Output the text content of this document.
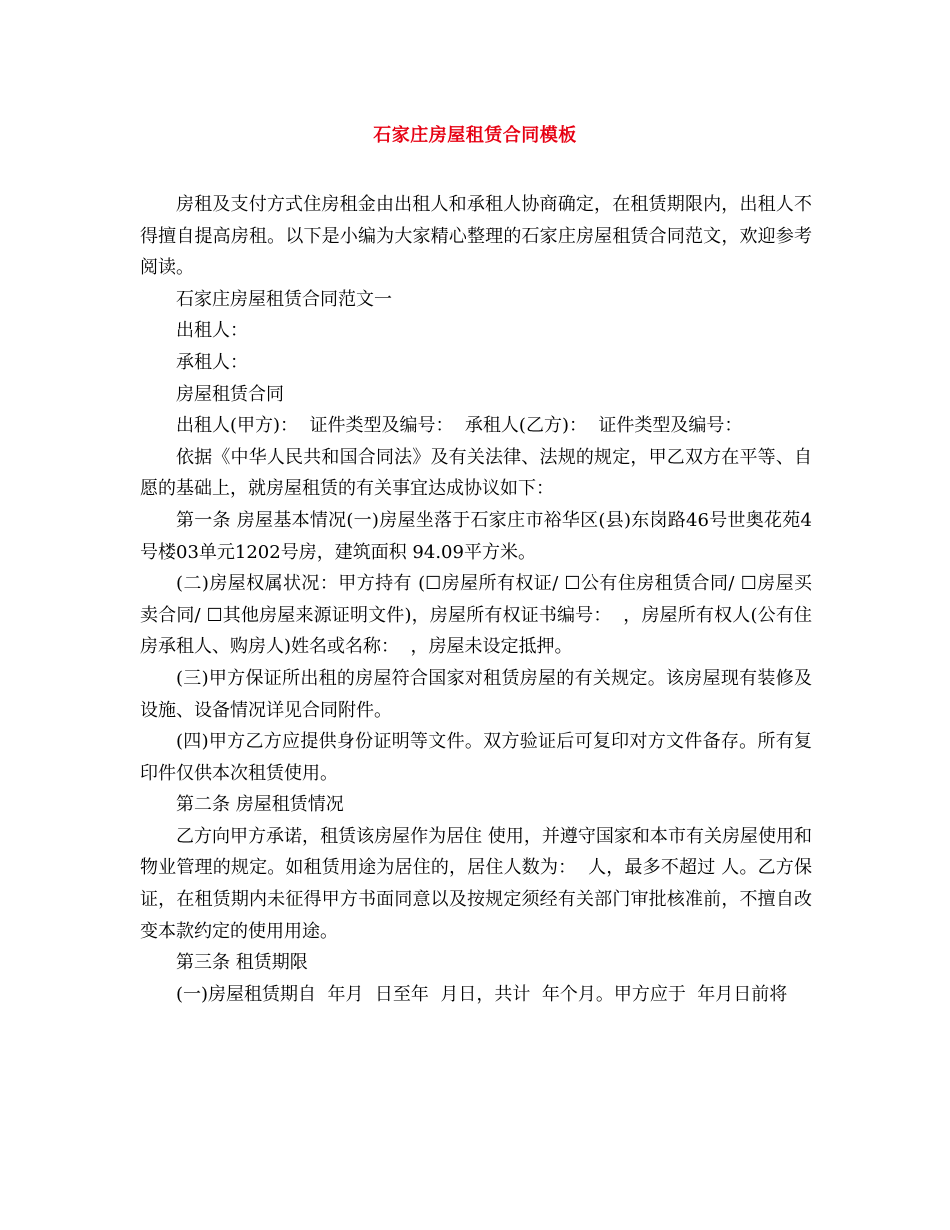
石家庄房屋租赁合同模板

房租及支付方式住房租金由出租人和承租人协商确定，在租赁期限内，出租人不得擅自提高房租。以下是小编为大家精心整理的石家庄房屋租赁合同范文，欢迎参考阅读。

石家庄房屋租赁合同范文一

出租人：

承租人：

房屋租赁合同

出租人(甲方)：  证件类型及编号：  承租人(乙方)：  证件类型及编号：

依据《中华人民共和国合同法》及有关法律、法规的规定，甲乙双方在平等、自愿的基础上，就房屋租赁的有关事宜达成协议如下：

第一条 房屋基本情况(一)房屋坐落于石家庄市裕华区(县)东岗路46号世奥花苑4号楼03单元1202号房，建筑面积 94.09平方米。

(二)房屋权属状况：甲方持有 (☐房屋所有权证/ ☐公有住房租赁合同/ ☐房屋买卖合同/ ☐其他房屋来源证明文件)，房屋所有权证书编号：  ，房屋所有权人(公有住房承租人、购房人)姓名或名称：  ，房屋未设定抵押。

(三)甲方保证所出租的房屋符合国家对租赁房屋的有关规定。该房屋现有装修及设施、设备情况详见合同附件。

(四)甲方乙方应提供身份证明等文件。双方验证后可复印对方文件备存。所有复印件仅供本次租赁使用。

第二条 房屋租赁情况

乙方向甲方承诺，租赁该房屋作为居住 使用，并遵守国家和本市有关房屋使用和物业管理的规定。如租赁用途为居住的，居住人数为：  人，最多不超过 人。乙方保证，在租赁期内未征得甲方书面同意以及按规定须经有关部门审批核准前，不擅自改变本款约定的使用用途。

第三条 租赁期限

(一)房屋租赁期自  年月  日至年  月日，共计  年个月。甲方应于  年月日前将
